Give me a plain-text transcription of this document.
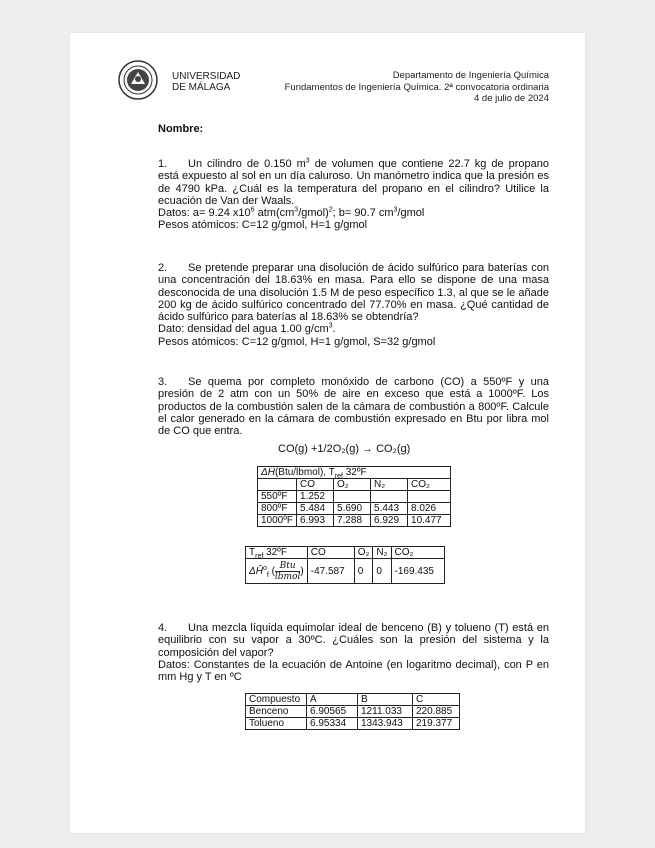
UNIVERSIDAD
DE MÁLAGA
Departamento de Ingeniería Química
Fundamentos de Ingeniería Química. 2ª convocatoria ordinaria
4 de julio de 2024
Nombre:

1. Un cilindro de 0.150 $m^3$ de volumen que contiene 22.7 kg de propano está expuesto al sol en un día caluroso. Un manómetro indica que la presión es de 4790 kPa. ¿Cuál es la temperatura del propano en el cilindro? Utilice la ecuación de Van der Waals.

Datos: a= 9.24 $x10^6$ $atm(cm^3/gmol)^2$; b= 90.7 $cm^3$/gmol

Pesos atómicos: C=12 g/gmol, H=1 g/gmol

2. Se pretende preparar una disolución de ácido sulfúrico para baterías con una concentración del 18.63% en masa. Para ello se dispone de una masa desconocida de una disolución 1.5 M de peso específico 1.3, al que se le añade 200 kg de ácido sulfúrico concentrado del 77.70% en masa. ¿Qué cantidad de ácido sulfúrico para baterías al 18.63% se obtendría?

Dato: densidad del agua 1.00 $g/cm^3$.

Pesos atómicos: C=12 g/gmol, H=1 g/gmol, S=32 g/gmol

3. Se quema por completo monóxido de carbono (CO) a 550ºF y una presión de 2 atm con un 50% de aire en exceso que está a 1000ºF. Los productos de la combustión salen de la cámara de combustión a 800ºF. Calcule el calor generado en la cámara de combustión expresado en Btu por libra mol de CO que entra.

CO(g) +1/2O₂(g) → CO₂(g)
ΔĤ(Btu/lbmol), $T_{ref}$ 32ºF				
	CO	O₂	N₂	CO₂
550ºF	1.252			
800ºF	5.484	5.690	5.443	8.026
1000ºF	6.993	7.288	6.929	10.477
$T_{ref}$ 32ºF	CO	O₂	N₂	CO₂
$\Delta Ĥ^o_f$ ( $\frac{\text{Btu}}{\text{lbmol}}$ )	-47.587	0	0	-169.435

4. Una mezcla líquida equimolar ideal de benceno (B) y tolueno (T) está en equilibrio con su vapor a 30ºC. ¿Cuáles son la presión del sistema y la composición del vapor?

Datos: Constantes de la ecuación de Antoine (en logaritmo decimal), con P en mm Hg y T en ºC

Compuesto	A	B	C
Benceno	6.90565	1211.033	220.885
Tolueno	6.95334	1343.943	219.377
